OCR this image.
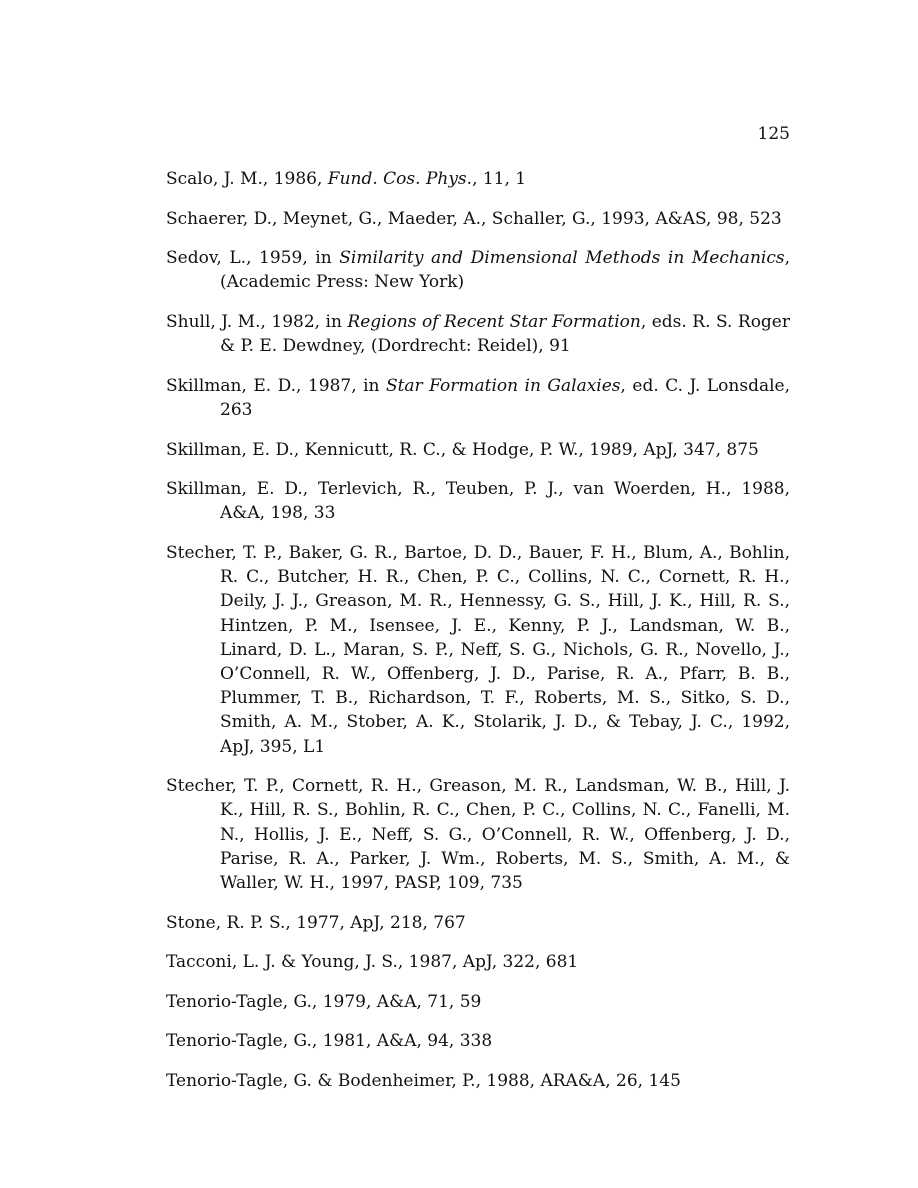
125
Scalo, J. M., 1986, Fund. Cos. Phys., 11, 1
Schaerer, D., Meynet, G., Maeder, A., Schaller, G., 1993, A&AS, 98, 523
Sedov, L., 1959, in Similarity and Dimensional Methods in Mechanics, (Academic Press: New York)
Shull, J. M., 1982, in Regions of Recent Star Formation, eds. R. S. Roger & P. E. Dewdney, (Dordrecht: Reidel), 91
Skillman, E. D., 1987, in Star Formation in Galaxies, ed. C. J. Lonsdale, 263
Skillman, E. D., Kennicutt, R. C., & Hodge, P. W., 1989, ApJ, 347, 875
Skillman, E. D., Terlevich, R., Teuben, P. J., van Woerden, H., 1988, A&A, 198, 33
Stecher, T. P., Baker, G. R., Bartoe, D. D., Bauer, F. H., Blum, A., Bohlin, R. C., Butcher, H. R., Chen, P. C., Collins, N. C., Cornett, R. H., Deily, J. J., Greason, M. R., Hennessy, G. S., Hill, J. K., Hill, R. S., Hintzen, P. M., Isensee, J. E., Kenny, P. J., Landsman, W. B., Linard, D. L., Maran, S. P., Neff, S. G., Nichols, G. R., Novello, J., O’Connell, R. W., Offenberg, J. D., Parise, R. A., Pfarr, B. B., Plummer, T. B., Richardson, T. F., Roberts, M. S., Sitko, S. D., Smith, A. M., Stober, A. K., Stolarik, J. D., & Tebay, J. C., 1992, ApJ, 395, L1
Stecher, T. P., Cornett, R. H., Greason, M. R., Landsman, W. B., Hill, J. K., Hill, R. S., Bohlin, R. C., Chen, P. C., Collins, N. C., Fanelli, M. N., Hollis, J. E., Neff, S. G., O’Connell, R. W., Offenberg, J. D., Parise, R. A., Parker, J. Wm., Roberts, M. S., Smith, A. M., & Waller, W. H., 1997, PASP, 109, 735
Stone, R. P. S., 1977, ApJ, 218, 767
Tacconi, L. J. & Young, J. S., 1987, ApJ, 322, 681
Tenorio-Tagle, G., 1979, A&A, 71, 59
Tenorio-Tagle, G., 1981, A&A, 94, 338
Tenorio-Tagle, G. & Bodenheimer, P., 1988, ARA&A, 26, 145
